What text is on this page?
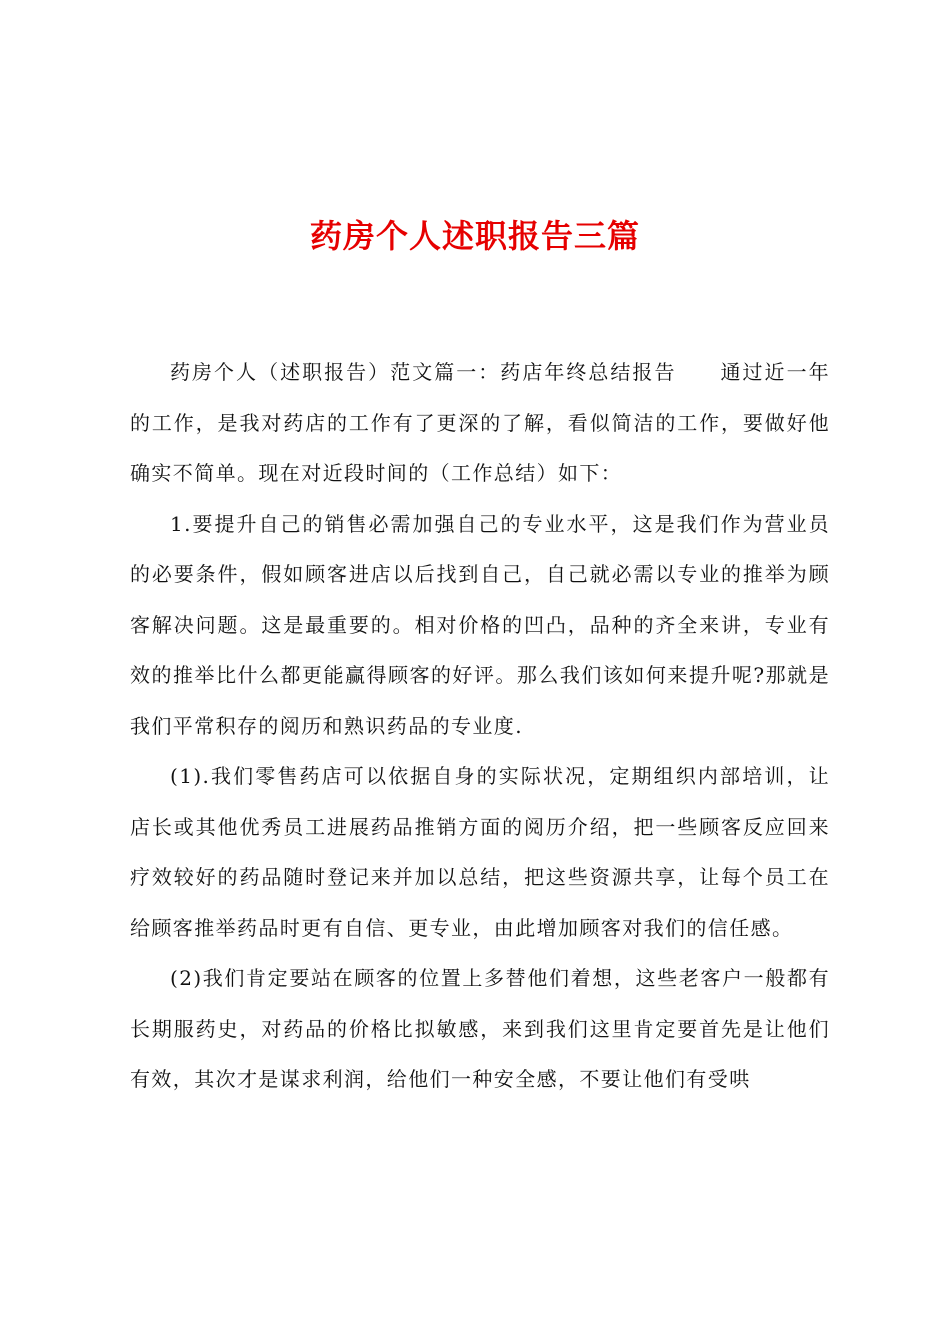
药房个人述职报告三篇

药房个人（述职报告）范文篇一：药店年终总结报告　　通过近一年的工作，是我对药店的工作有了更深的了解，看似简洁的工作，要做好他确实不简单。现在对近段时间的（工作总结）如下：

1.要提升自己的销售必需加强自己的专业水平，这是我们作为营业员的必要条件，假如顾客进店以后找到自己，自己就必需以专业的推举为顾客解决问题。这是最重要的。相对价格的凹凸，品种的齐全来讲，专业有效的推举比什么都更能赢得顾客的好评。那么我们该如何来提升呢?那就是我们平常积存的阅历和熟识药品的专业度.

(1).我们零售药店可以依据自身的实际状况，定期组织内部培训，让店长或其他优秀员工进展药品推销方面的阅历介绍，把一些顾客反应回来疗效较好的药品随时登记来并加以总结，把这些资源共享，让每个员工在给顾客推举药品时更有自信、更专业，由此增加顾客对我们的信任感。

(2)我们肯定要站在顾客的位置上多替他们着想，这些老客户一般都有长期服药史，对药品的价格比拟敏感，来到我们这里肯定要首先是让他们有效，其次才是谋求利润，给他们一种安全感，不要让他们有受哄
